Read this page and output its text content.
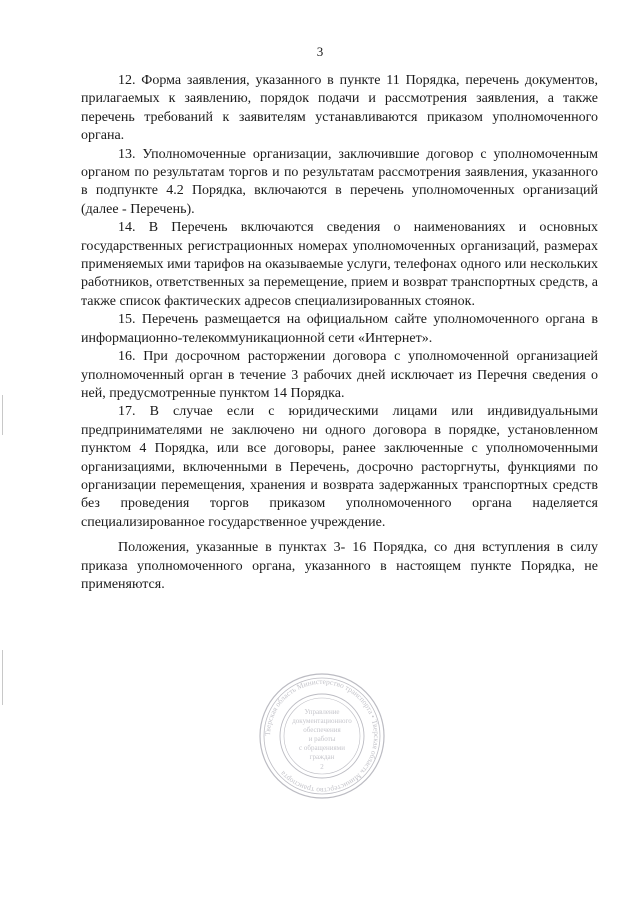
3

12. Форма заявления, указанного в пункте 11 Порядка, перечень документов, прилагаемых к заявлению, порядок подачи и рассмотрения заявления, а также перечень требований к заявителям устанавливаются приказом уполномоченного органа.

13. Уполномоченные организации, заключившие договор с уполномоченным органом по результатам торгов и по результатам рассмотрения заявления, указанного в подпункте 4.2 Порядка, включаются в перечень уполномоченных организаций (далее - Перечень).

14. В Перечень включаются сведения о наименованиях и основных государственных регистрационных номерах уполномоченных организаций, размерах применяемых ими тарифов на оказываемые услуги, телефонах одного или нескольких работников, ответственных за перемещение, прием и возврат транспортных средств, а также список фактических адресов специализированных стоянок.

15. Перечень размещается на официальном сайте уполномоченного органа в информационно-телекоммуникационной сети «Интернет».

16. При досрочном расторжении договора с уполномоченной организацией уполномоченный орган в течение 3 рабочих дней исключает из Перечня сведения о ней, предусмотренные пунктом 14 Порядка.

17. В случае если с юридическими лицами или индивидуальными предпринимателями не заключено ни одного договора в порядке, установленном пунктом 4 Порядка, или все договоры, ранее заключенные с уполномоченными организациями, включенными в Перечень, досрочно расторгнуты, функциями по организации перемещения, хранения и возврата задержанных транспортных средств без проведения торгов приказом уполномоченного органа наделяется специализированное государственное учреждение.

Положения, указанные в пунктах 3- 16 Порядка, со дня вступления в силу приказа уполномоченного органа, указанного в настоящем пункте Порядка, не применяются.

Тверская область Министерство транспорта • Тверская область Министерство транспорта
Управление
документационного
обеспечения
и работы
с обращениями
граждан
2
